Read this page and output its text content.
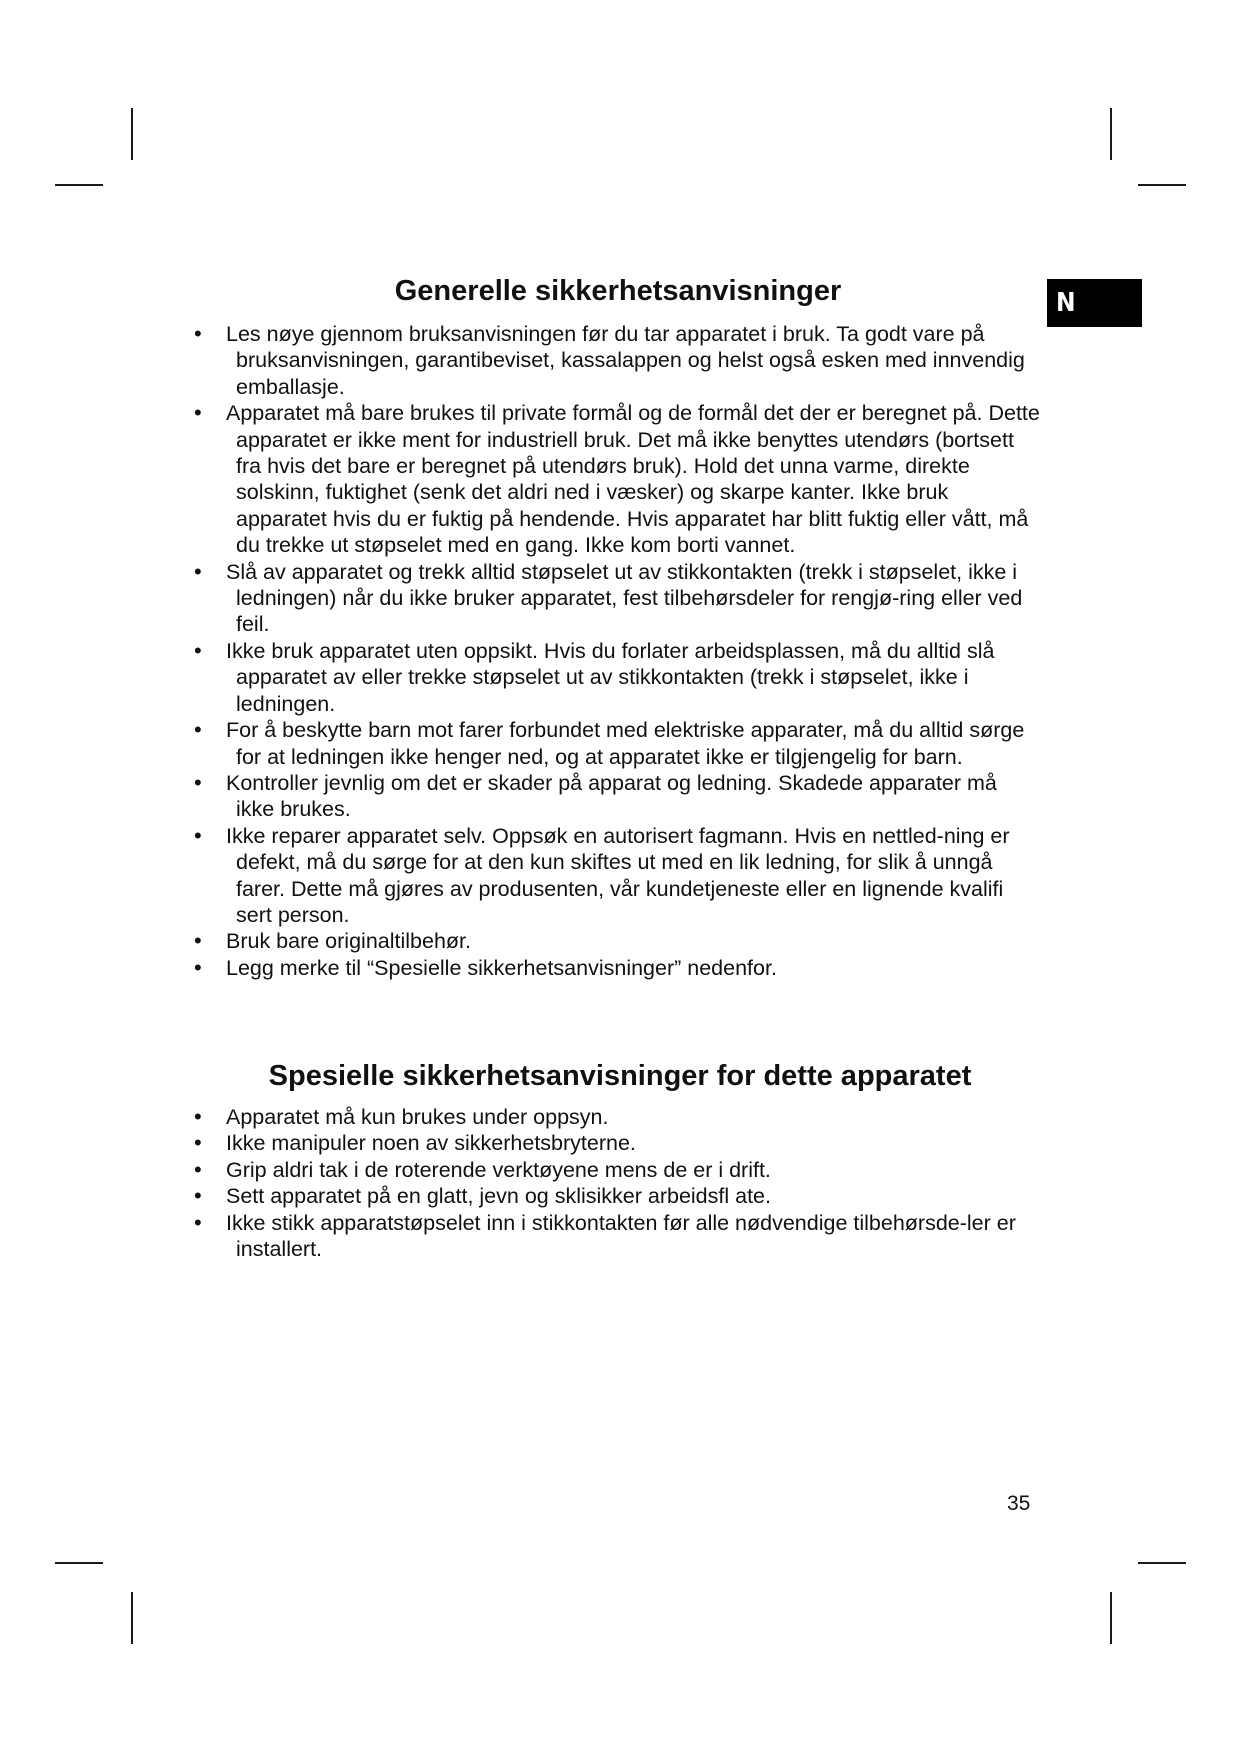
N
Generelle sikkerhetsanvisninger
• Les nøye gjennom bruksanvisningen før du tar apparatet i bruk. Ta godt vare på bruksanvisningen, garantibeviset, kassalappen og helst også esken med innvendig emballasje.
• Apparatet må bare brukes til private formål og de formål det der er beregnet på. Dette apparatet er ikke ment for industriell bruk. Det må ikke benyttes utendørs (bortsett fra hvis det bare er beregnet på utendørs bruk). Hold det unna varme, direkte solskinn, fuktighet (senk det aldri ned i væsker) og skarpe kanter. Ikke bruk apparatet hvis du er fuktig på hendende. Hvis apparatet har blitt fuktig eller vått, må du trekke ut støpselet med en gang. Ikke kom borti vannet.
• Slå av apparatet og trekk alltid støpselet ut av stikkontakten (trekk i støpselet, ikke i ledningen) når du ikke bruker apparatet, fest tilbehørsdeler for rengjø-ring eller ved feil.
• Ikke bruk apparatet uten oppsikt. Hvis du forlater arbeidsplassen, må du alltid slå apparatet av eller trekke støpselet ut av stikkontakten (trekk i støpselet, ikke i ledningen.
• For å beskytte barn mot farer forbundet med elektriske apparater, må du alltid sørge for at ledningen ikke henger ned, og at apparatet ikke er tilgjengelig for barn.
• Kontroller jevnlig om det er skader på apparat og ledning. Skadede apparater må ikke brukes.
• Ikke reparer apparatet selv. Oppsøk en autorisert fagmann. Hvis en nettled-ning er defekt, må du sørge for at den kun skiftes ut med en lik ledning, for slik å unngå farer. Dette må gjøres av produsenten, vår kundetjeneste eller en lignende kvalifi sert person.
• Bruk bare originaltilbehør.
• Legg merke til “Spesielle sikkerhetsanvisninger” nedenfor.
Spesielle sikkerhetsanvisninger for dette apparatet
• Apparatet må kun brukes under oppsyn.
• Ikke manipuler noen av sikkerhetsbryterne.
• Grip aldri tak i de roterende verktøyene mens de er i drift.
• Sett apparatet på en glatt, jevn og sklisikker arbeidsfl ate.
• Ikke stikk apparatstøpselet inn i stikkontakten før alle nødvendige tilbehørsde-ler er installert.
35
